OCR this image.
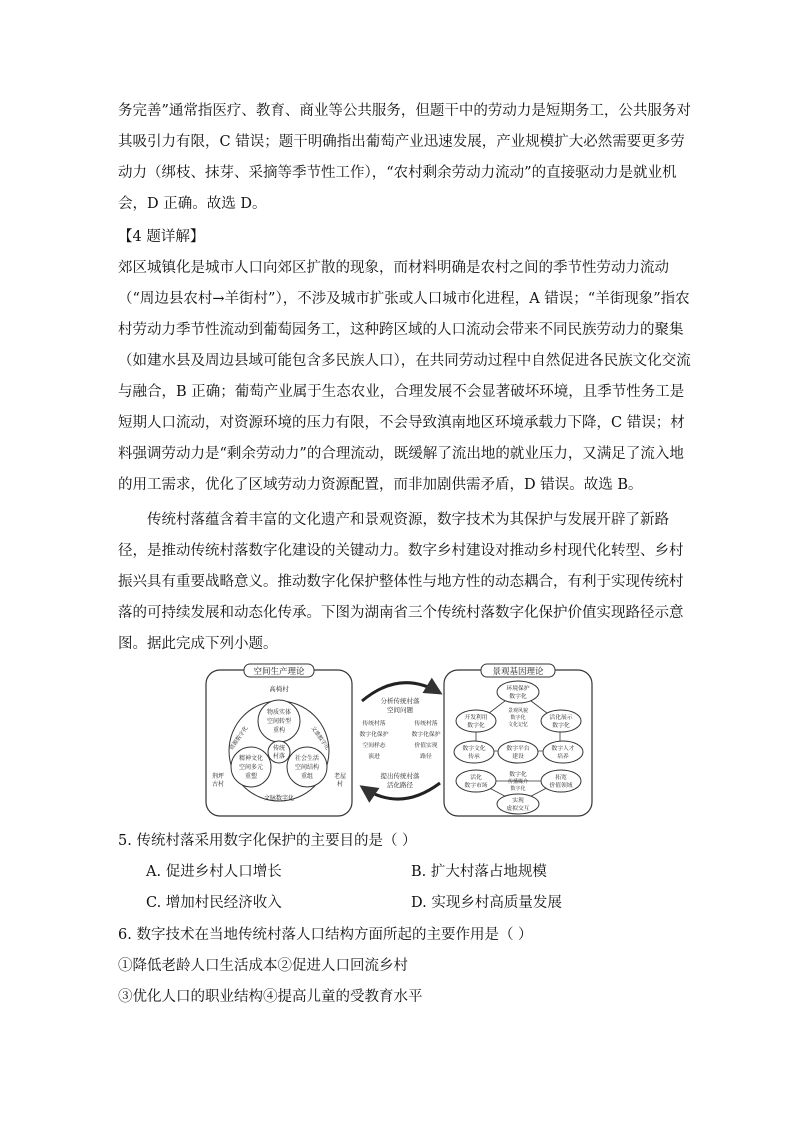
务完善”通常指医疗、教育、商业等公共服务，但题干中的劳动力是短期务工，公共服务对
其吸引力有限，C 错误；题干明确指出葡萄产业迅速发展，产业规模扩大必然需要更多劳
动力（绑枝、抹芽、采摘等季节性工作），“农村剩余劳动力流动”的直接驱动力是就业机
会，D 正确。故选 D。
【4 题详解】
郊区城镇化是城市人口向郊区扩散的现象，而材料明确是农村之间的季节性劳动力流动
（“周边县农村→羊街村”），不涉及城市扩张或人口城市化进程，A 错误；“羊街现象”指农
村劳动力季节性流动到葡萄园务工，这种跨区域的人口流动会带来不同民族劳动力的聚集
（如建水县及周边县域可能包含多民族人口），在共同劳动过程中自然促进各民族文化交流
与融合，B 正确；葡萄产业属于生态农业，合理发展不会显著破坏环境，且季节性务工是
短期人口流动，对资源环境的压力有限，不会导致滇南地区环境承载力下降，C 错误；材
料强调劳动力是“剩余劳动力”的合理流动，既缓解了流出地的就业压力，又满足了流入地
的用工需求，优化了区域劳动力资源配置，而非加剧供需矛盾，D 错误。故选 B。
传统村落蕴含着丰富的文化遗产和景观资源，数字技术为其保护与发展开辟了新路
径，是推动传统村落数字化建设的关键动力。数字乡村建设对推动乡村现代化转型、乡村
振兴具有重要战略意义。推动数字化保护整体性与地方性的动态耦合，有利于实现传统村
落的可持续发展和动态化传承。下图为湖南省三个传统村落数字化保护价值实现路径示意
图。据此完成下列小题。
空间生产理论
高椅村
物质实体
空间转型
重构
精神文化
空间多元
重塑
社会生活
空间结构
重组
传统
村落
资源数字化	文旅数字化
文脉数字化
荆坪
古村
老屋
村
分析传统村落
空间问题
传统村落
数字化保护
空间样态
演进
传统村落
数字化保护
价值实现
路径
提出传统村落
活化路径
景观基因理论
环境保护
数字化
景观风貌
数字化
文化记忆
开发利用
数字化
活化展示
数字化
数字文化
传承
数字平台
建设
数字人才
培养
活化
数字市场
数字化
传播媒介
数字化
拓宽
价值领域
实现
虚拟交互
5. 传统村落采用数字化保护的主要目的是（ ）
A. 促进乡村人口增长	B. 扩大村落占地规模
C. 增加村民经济收入	D. 实现乡村高质量发展
6. 数字技术在当地传统村落人口结构方面所起的主要作用是（ ）
①降低老龄人口生活成本②促进人口回流乡村
③优化人口的职业结构④提高儿童的受教育水平
